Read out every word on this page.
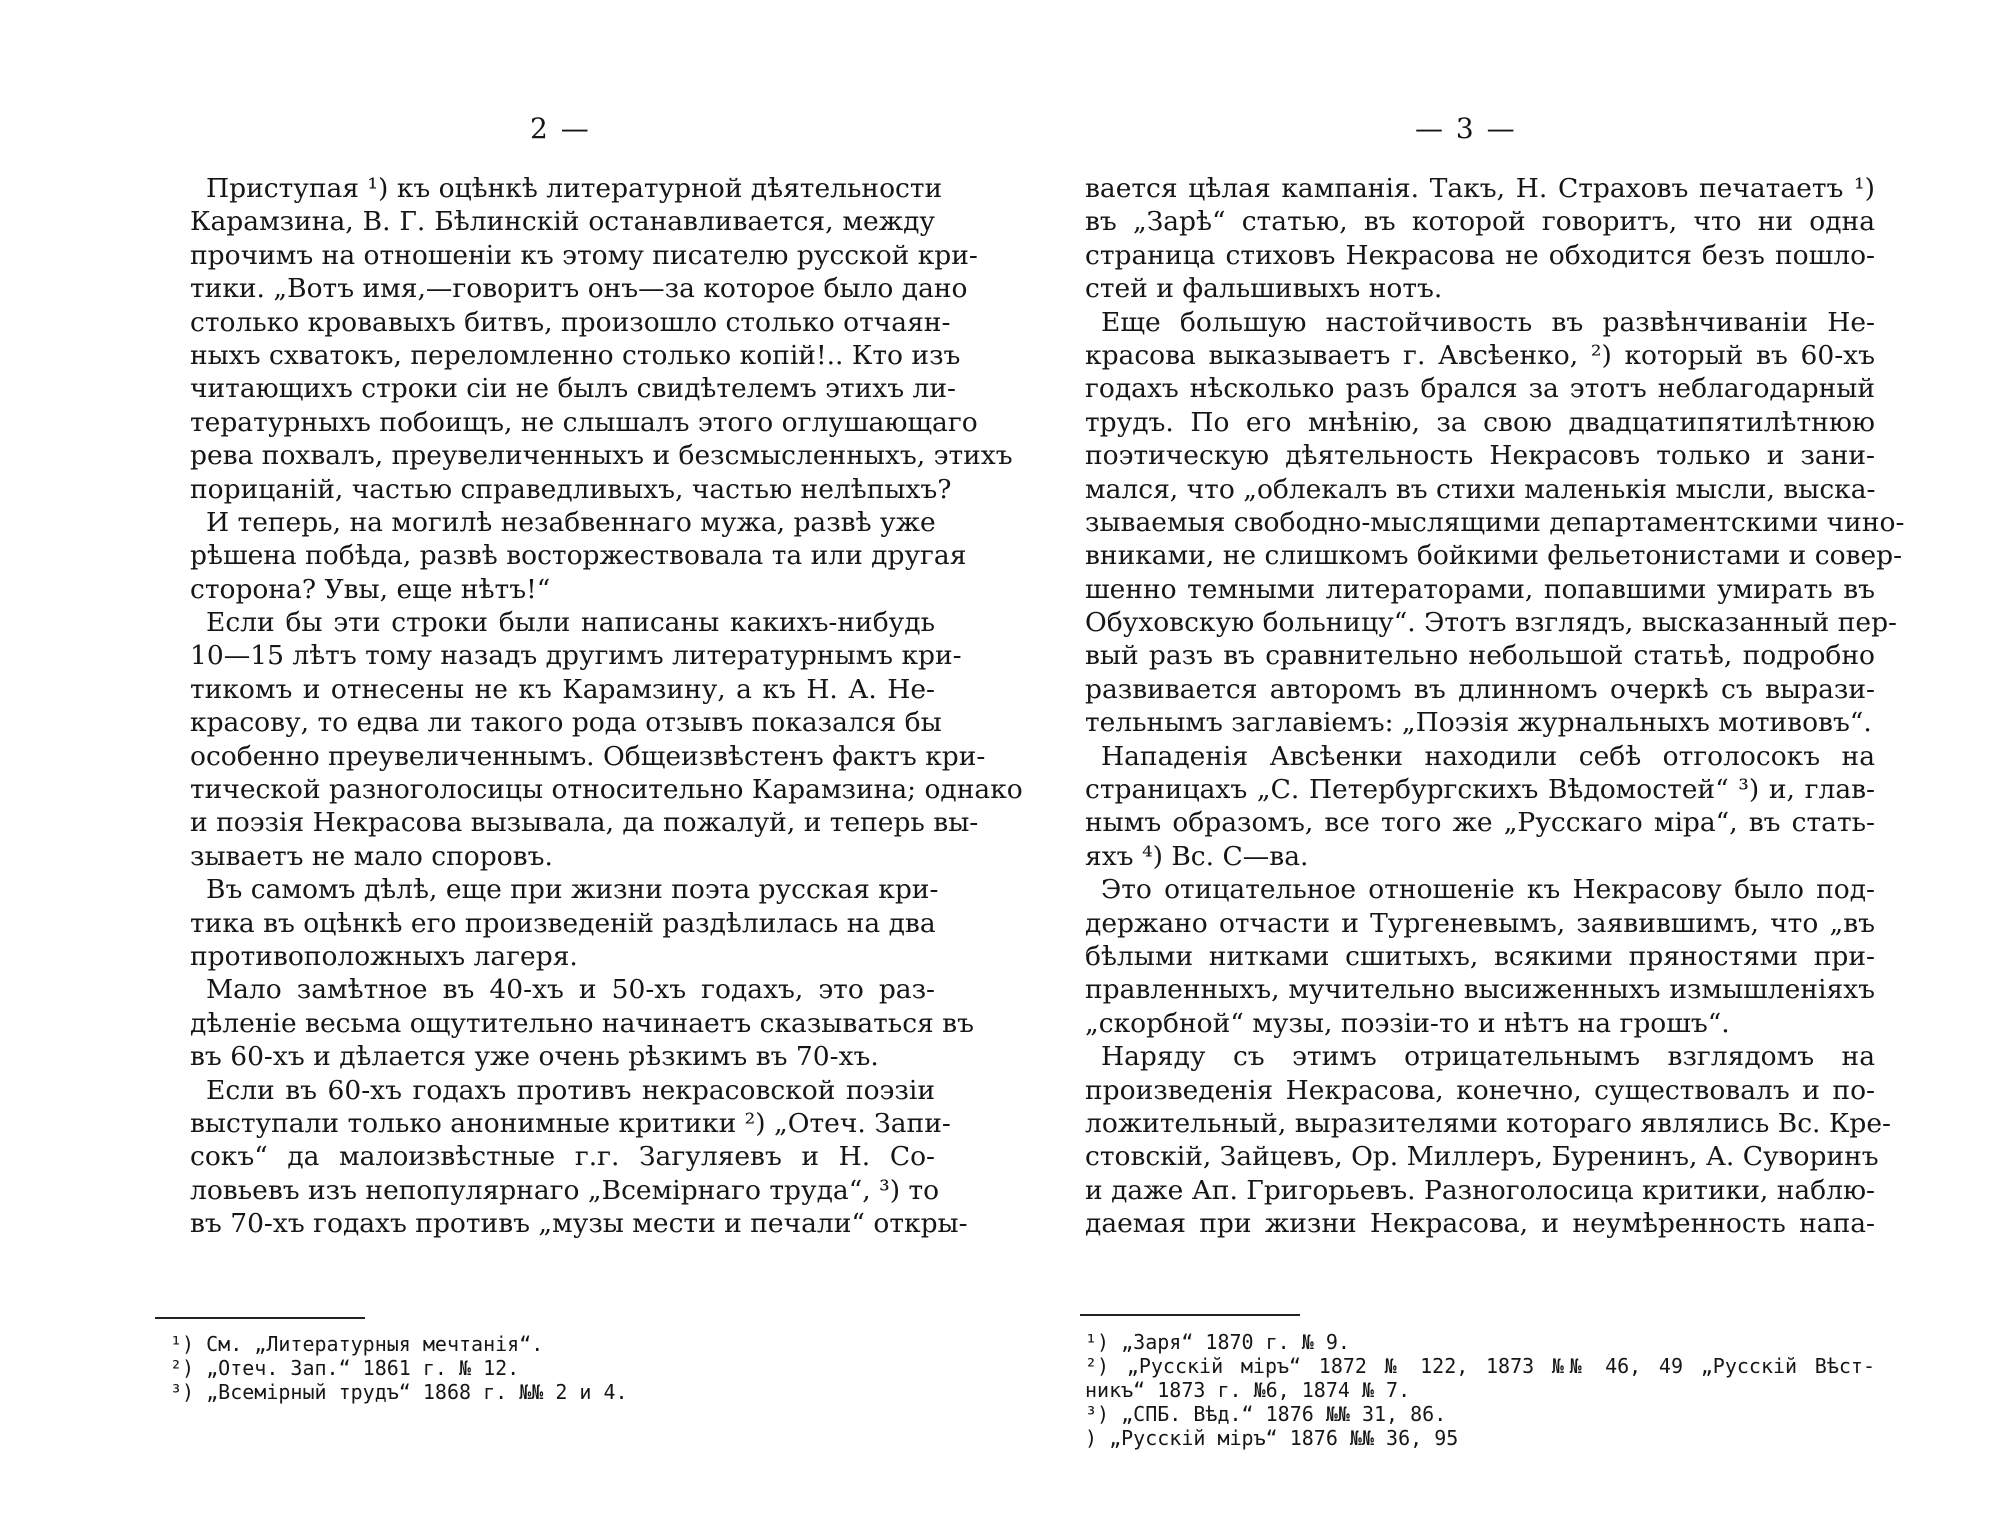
2 —
Приступая ¹) къ оцѣнкѣ литературной дѣятельности
Карамзина, В. Г. Бѣлинскій останавливается, между
прочимъ на отношеніи къ этому писателю русской кри-
тики. „Вотъ имя,—говоритъ онъ—за которое было дано
столько кровавыхъ битвъ, произошло столько отчаян-
ныхъ схватокъ, переломленно столько копій!.. Кто изъ
читающихъ строки сіи не былъ свидѣтелемъ этихъ ли-
тературныхъ побоищъ, не слышалъ этого оглушающаго
рева похвалъ, преувеличенныхъ и безсмысленныхъ, этихъ
порицаній, частью справедливыхъ, частью нелѣпыхъ?
И теперь, на могилѣ незабвеннаго мужа, развѣ уже
рѣшена побѣда, развѣ восторжествовала та или другая
сторона? Увы, еще нѣтъ!“
Если бы эти строки были написаны какихъ-нибудь
10—15 лѣтъ тому назадъ другимъ литературнымъ кри-
тикомъ и отнесены не къ Карамзину, а къ Н. А. Не-
красову, то едва ли такого рода отзывъ показался бы
особенно преувеличеннымъ. Общеизвѣстенъ фактъ кри-
тической разноголосицы относительно Карамзина; однако
и поэзія Некрасова вызывала, да пожалуй, и теперь вы-
зываетъ не мало споровъ.
Въ самомъ дѣлѣ, еще при жизни поэта русская кри-
тика въ оцѣнкѣ его произведеній раздѣлилась на два
противоположныхъ лагеря.
Мало замѣтное въ 40-хъ и 50-хъ годахъ, это раз-
дѣленіе весьма ощутительно начинаетъ сказываться въ
въ 60-хъ и дѣлается уже очень рѣзкимъ въ 70-хъ.
Если въ 60-хъ годахъ противъ некрасовской поэзіи
выступали только анонимные критики ²) „Отеч. Запи-
сокъ“ да малоизвѣстные г.г. Загуляевъ и Н. Со-
ловьевъ изъ непопулярнаго „Всемірнаго труда“, ³) то
въ 70-хъ годахъ противъ „музы мести и печали“ откры-
¹) См. „Литературныя мечтанія“.
²) „Отеч. Зап.“ 1861 г. № 12.
³) „Всемірный трудъ“ 1868 г. №№ 2 и 4.
— 3 —
вается цѣлая кампанія. Такъ, Н. Страховъ печатаетъ ¹)
въ „Зарѣ“ статью, въ которой говоритъ, что ни одна
страница стиховъ Некрасова не обходится безъ пошло-
стей и фальшивыхъ нотъ.
Еще большую настойчивость въ развѣнчиваніи Не-
красова выказываетъ г. Авсѣенко, ²) который въ 60-хъ
годахъ нѣсколько разъ брался за этотъ неблагодарный
трудъ. По его мнѣнію, за свою двадцатипятилѣтнюю
поэтическую дѣятельность Некрасовъ только и зани-
мался, что „облекалъ въ стихи маленькія мысли, выска-
зываемыя свободно-мыслящими департаментскими чино-
вниками, не слишкомъ бойкими фельетонистами и совер-
шенно темными литераторами, попавшими умирать въ
Обуховскую больницу“. Этотъ взглядъ, высказанный пер-
вый разъ въ сравнительно небольшой статьѣ, подробно
развивается авторомъ въ длинномъ очеркѣ съ вырази-
тельнымъ заглавіемъ: „Поэзія журнальныхъ мотивовъ“.
Нападенія Авсѣенки находили себѣ отголосокъ на
страницахъ „С. Петербургскихъ Вѣдомостей“ ³) и, глав-
нымъ образомъ, все того же „Русскаго міра“, въ стать-
яхъ ⁴) Вс. С—ва.
Это отицательное отношеніе къ Некрасову было под-
держано отчасти и Тургеневымъ, заявившимъ, что „въ
бѣлыми нитками сшитыхъ, всякими пряностями при-
правленныхъ, мучительно высиженныхъ измышленіяхъ
„скорбной“ музы, поэзіи-то и нѣтъ на грошъ“.
Наряду съ этимъ отрицательнымъ взглядомъ на
произведенія Некрасова, конечно, существовалъ и по-
ложительный, выразителями котораго являлись Вс. Кре-
стовскій, Зайцевъ, Ор. Миллеръ, Буренинъ, А. Суворинъ
и даже Ап. Григорьевъ. Разноголосица критики, наблю-
даемая при жизни Некрасова, и неумѣренность напа-
¹) „Заря“ 1870 г. № 9.
²) „Русскій міръ“ 1872 № 122, 1873 №№ 46, 49 „Русскій Вѣст-
никъ“ 1873 г. №6, 1874 № 7.
³) „СПБ. Вѣд.“ 1876 №№ 31, 86.
) „Русскій міръ“ 1876 №№ 36, 95
